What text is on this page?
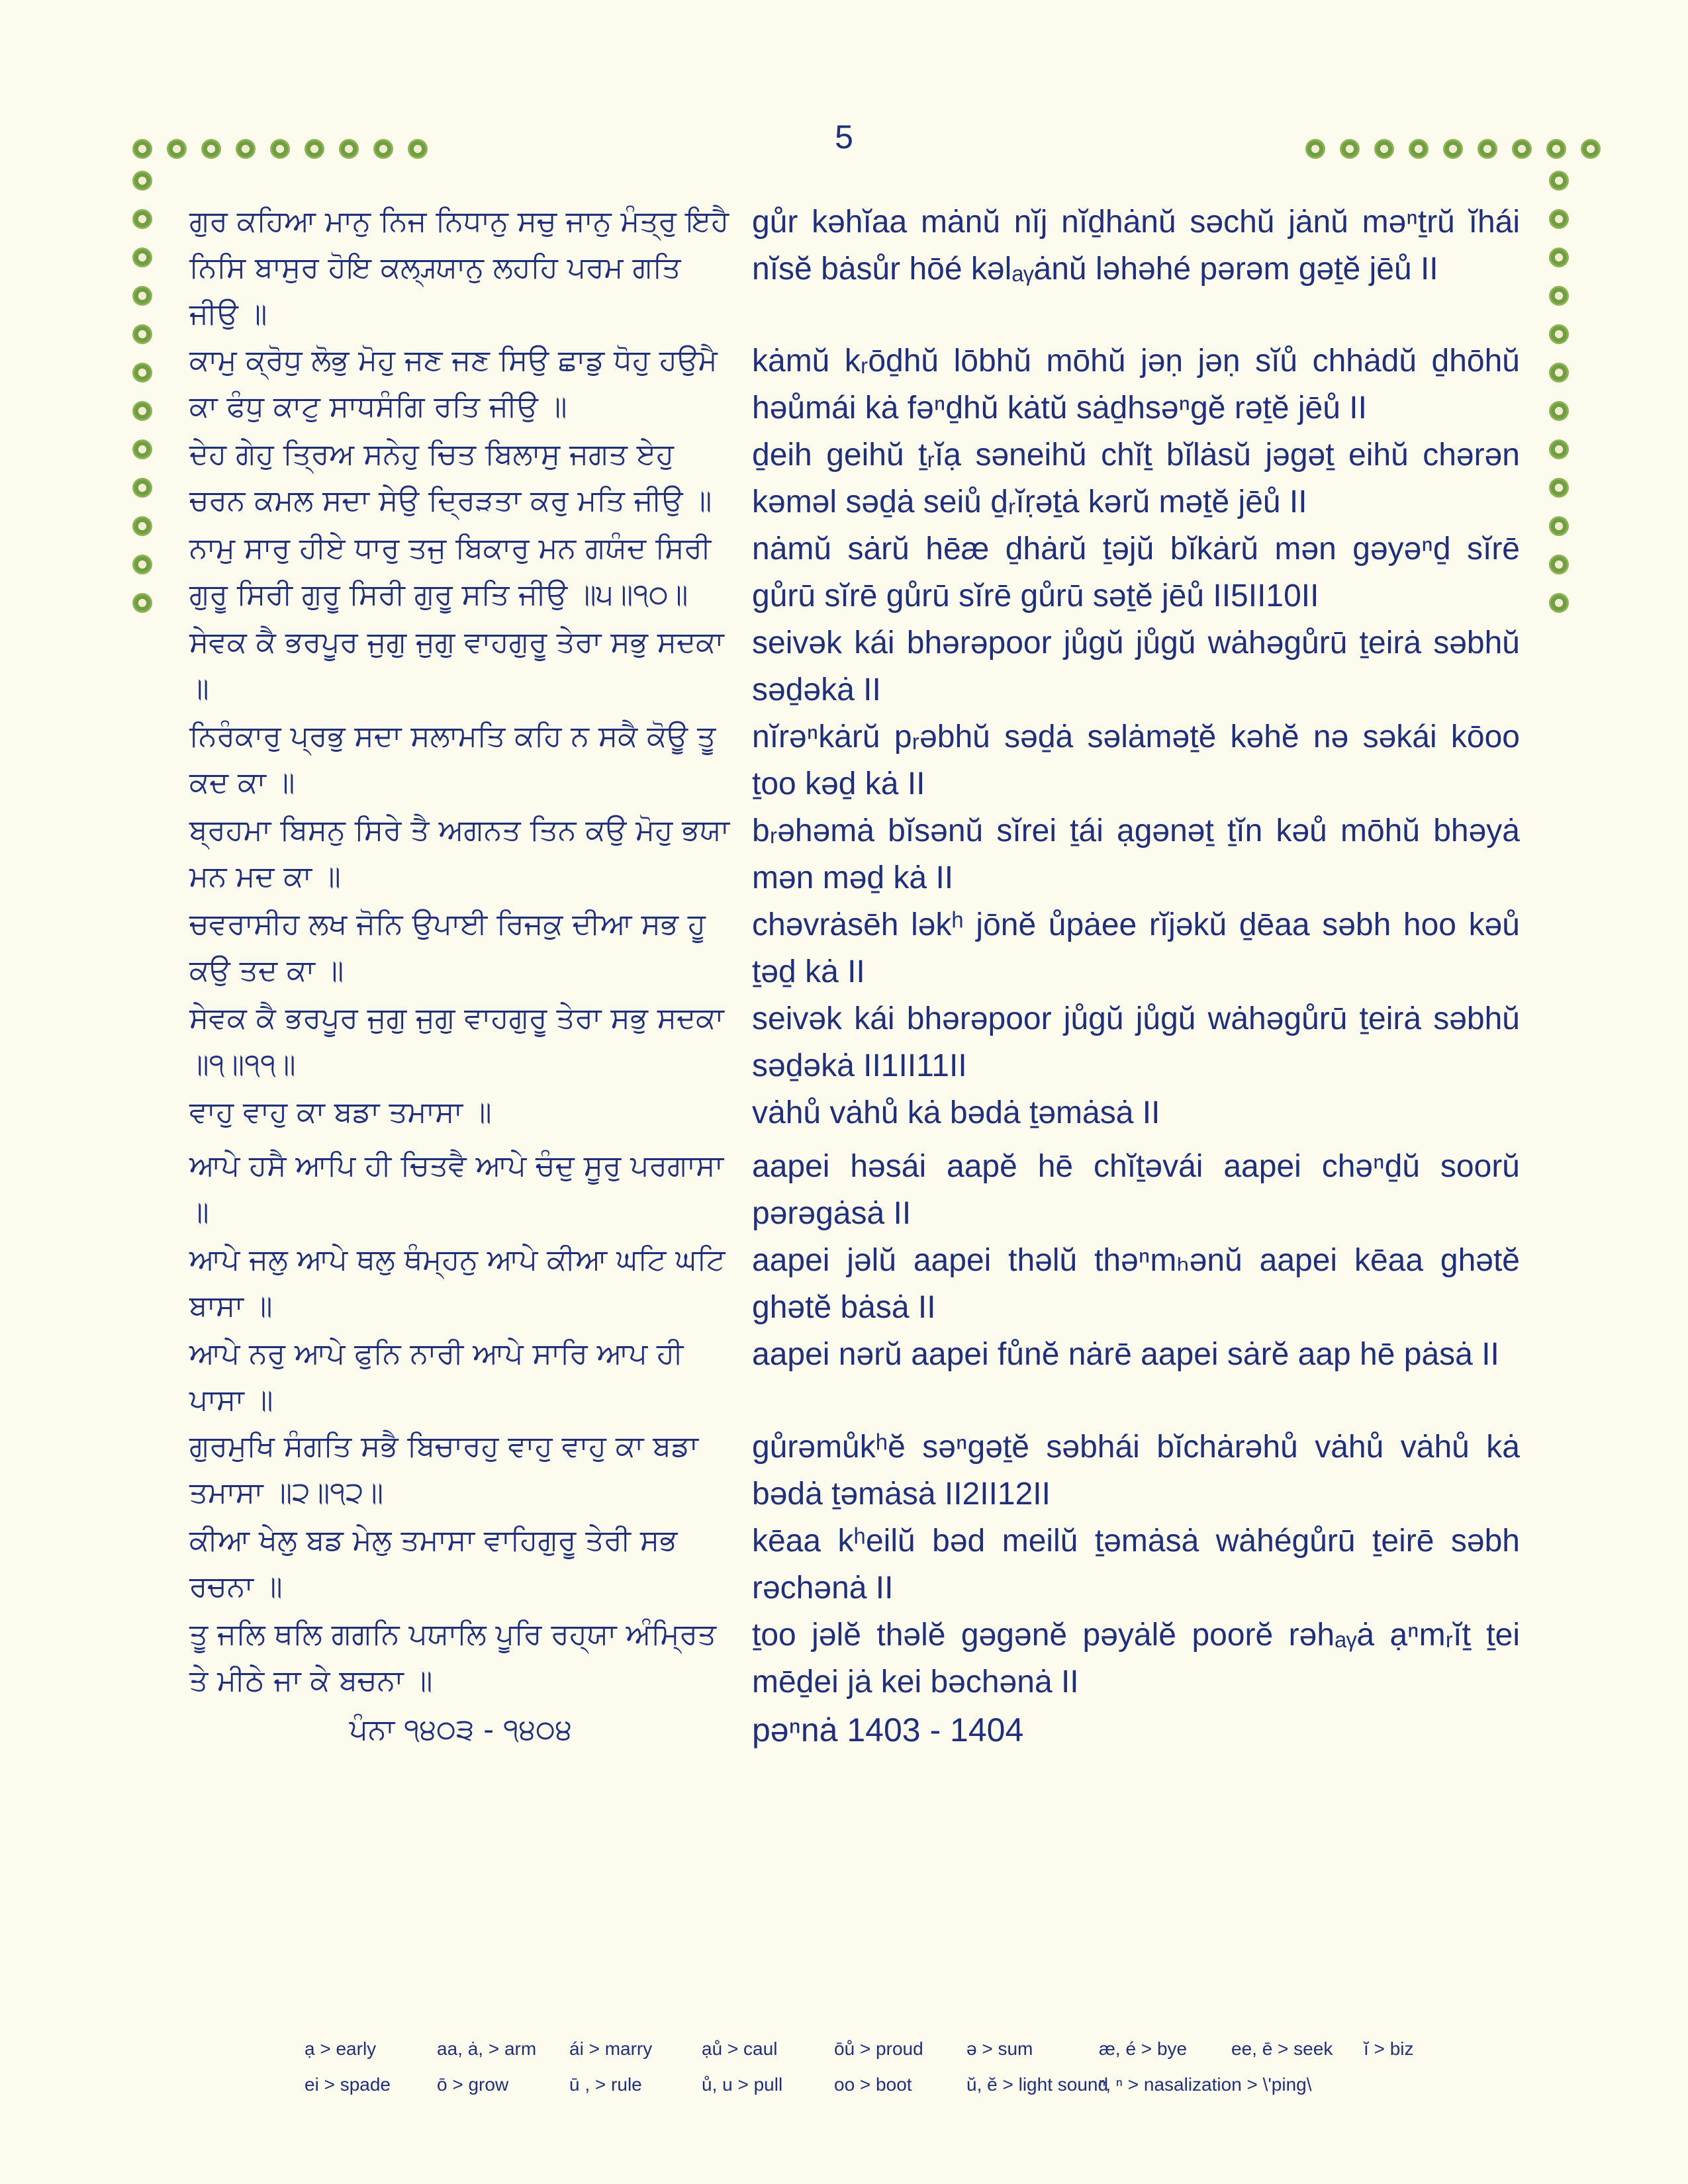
5
ਗੁਰ ਕਹਿਆ ਮਾਨੁ ਨਿਜ ਨਿਧਾਨੁ ਸਚੁ ਜਾਨੁ ਮੰਤ੍ਰੁ ਇਹੈ ਨਿਸਿ ਬਾਸੁਰ ਹੋਇ ਕਲ੍ਯ੍ਯਾਨੁ ਲਹਹਿ ਪਰਮ ਗਤਿ ਜੀਉ ॥
gůr kəhĭaa mȧnŭ nĭj nĭḏhȧnŭ səchŭ jȧnŭ məⁿṯrŭ ĭhái nĭsĕ bȧsůr hōé kəlₐᵧȧnŭ ləhəhé pərəm gəṯĕ jēů II
ਕਾਮੁ ਕ੍ਰੋਧੁ ਲੋਭੁ ਮੋਹੁ ਜਣ ਜਣ ਸਿਉ ਛਾਡੁ ਧੋਹੁ ਹਉਮੈ ਕਾ ਫੰਧੁ ਕਾਟੁ ਸਾਧਸੰਗਿ ਰਤਿ ਜੀਉ ॥
kȧmŭ kᵣōḏhŭ lōbhŭ mōhŭ jəṇ jəṇ sĭů chhȧdŭ ḏhōhŭ həůmái kȧ fəⁿḏhŭ kȧtŭ sȧḏhsəⁿgĕ rəṯĕ jēů II
ਦੇਹ ਗੇਹੁ ਤ੍ਰਿਅ ਸਨੇਹੁ ਚਿਤ ਬਿਲਾਸੁ ਜਗਤ ਏਹੁ ਚਰਨ ਕਮਲ ਸਦਾ ਸੇਉ ਦ੍ਰਿੜਤਾ ਕਰੁ ਮਤਿ ਜੀਉ ॥
ḏeih geihŭ ṯᵣĭạ səneihŭ chĭṯ bĭlȧsŭ jəgəṯ eihŭ chərən kəməl səḏȧ seiů ḏᵣĭṛəṯȧ kərŭ məṯĕ jēů II
ਨਾਮੁ ਸਾਰੁ ਹੀਏ ਧਾਰੁ ਤਜੁ ਬਿਕਾਰੁ ਮਨ ਗਯੰਦ ਸਿਰੀ ਗੁਰੂ ਸਿਰੀ ਗੁਰੂ ਸਿਰੀ ਗੁਰੂ ਸਤਿ ਜੀਉ ॥੫॥੧੦॥
nȧmŭ sȧrŭ hēæ ḏhȧrŭ ṯəjŭ bĭkȧrŭ mən gəyəⁿḏ sĭrē gůrū sĭrē gůrū sĭrē gůrū səṯĕ jēů II5II10II
ਸੇਵਕ ਕੈ ਭਰਪੂਰ ਜੁਗੁ ਜੁਗੁ ਵਾਹਗੁਰੂ ਤੇਰਾ ਸਭੁ ਸਦਕਾ ॥
seivək kái bhərəpoor jůgŭ jůgŭ wȧhəgůrū ṯeirȧ səbhŭ səḏəkȧ II
ਨਿਰੰਕਾਰੁ ਪ੍ਰਭੁ ਸਦਾ ਸਲਾਮਤਿ ਕਹਿ ਨ ਸਕੈ ਕੋਊ ਤੂ ਕਦ ਕਾ ॥
nĭrəⁿkȧrŭ pᵣəbhŭ səḏȧ səlȧməṯĕ kəhĕ nə səkái kōoo ṯoo kəḏ kȧ II
ਬ੍ਰਹਮਾ ਬਿਸਨੁ ਸਿਰੇ ਤੈ ਅਗਨਤ ਤਿਨ ਕਉ ਮੋਹੁ ਭਯਾ ਮਨ ਮਦ ਕਾ ॥
bᵣəhəmȧ bĭsənŭ sĭrei ṯái ạgənəṯ ṯĭn kəů mōhŭ bhəyȧ mən məḏ kȧ II
ਚਵਰਾਸੀਹ ਲਖ ਜੋਨਿ ਉਪਾਈ ਰਿਜਕੁ ਦੀਆ ਸਭ ਹੂ ਕਉ ਤਦ ਕਾ ॥
chəvrȧsēh ləkʰ jōnĕ ůpȧee rĭjəkŭ ḏēaa səbh hoo kəů ṯəḏ kȧ II
ਸੇਵਕ ਕੈ ਭਰਪੂਰ ਜੁਗੁ ਜੁਗੁ ਵਾਹਗੁਰੂ ਤੇਰਾ ਸਭੁ ਸਦਕਾ ॥੧॥੧੧॥
seivək kái bhərəpoor jůgŭ jůgŭ wȧhəgůrū ṯeirȧ səbhŭ səḏəkȧ II1II11II
ਵਾਹੁ ਵਾਹੁ ਕਾ ਬਡਾ ਤਮਾਸਾ ॥	vȧhů vȧhů kȧ bədȧ ṯəmȧsȧ II
ਆਪੇ ਹਸੈ ਆਪਿ ਹੀ ਚਿਤਵੈ ਆਪੇ ਚੰਦੁ ਸੂਰੁ ਪਰਗਾਸਾ ॥
aapei həsái aapĕ hē chĭṯəvái aapei chəⁿḏŭ soorŭ pərəgȧsȧ II
ਆਪੇ ਜਲੁ ਆਪੇ ਥਲੁ ਥੰਮ੍ਹਨੁ ਆਪੇ ਕੀਆ ਘਟਿ ਘਟਿ ਬਾਸਾ ॥
aapei jəlŭ aapei thəlŭ thəⁿmₕənŭ aapei kēaa ghətĕ ghətĕ bȧsȧ II
ਆਪੇ ਨਰੁ ਆਪੇ ਫੁਨਿ ਨਾਰੀ ਆਪੇ ਸਾਰਿ ਆਪ ਹੀ ਪਾਸਾ ॥
aapei nərŭ aapei fůnĕ nȧrē aapei sȧrĕ aap hē pȧsȧ II
ਗੁਰਮੁਖਿ ਸੰਗਤਿ ਸਭੈ ਬਿਚਾਰਹੁ ਵਾਹੁ ਵਾਹੁ ਕਾ ਬਡਾ ਤਮਾਸਾ ॥੨॥੧੨॥
gůrəmůkʰĕ səⁿgəṯĕ səbhái bĭchȧrəhů vȧhů vȧhů kȧ bədȧ ṯəmȧsȧ II2II12II
ਕੀਆ ਖੇਲੁ ਬਡ ਮੇਲੁ ਤਮਾਸਾ ਵਾਹਿਗੁਰੂ ਤੇਰੀ ਸਭ ਰਚਨਾ ॥
kēaa kʰeilŭ bəd meilŭ ṯəmȧsȧ wȧhégůrū ṯeirē səbh rəchənȧ II
ਤੂ ਜਲਿ ਥਲਿ ਗਗਨਿ ਪਯਾਲਿ ਪੂਰਿ ਰਹ੍ਯਾ ਅੰਮ੍ਰਿਤ ਤੇ ਮੀਠੇ ਜਾ ਕੇ ਬਚਨਾ ॥
ṯoo jəlĕ thəlĕ gəgənĕ pəyȧlĕ poorĕ rəhₐᵧȧ ạⁿmᵣĭṯ ṯei mēḏei jȧ kei bəchənȧ II
ਪੰਨਾ ੧੪੦੩ - ੧੪੦੪	pəⁿnȧ 1403 - 1404
ạ > early	aa, ȧ, > arm	ái > marry	ạů > caul	ōů > proud	ə > sum	æ, é > bye	ee, ē > seek	ĭ > biz
ei > spade	ō > grow	ū , > rule	ů, u > pull	oo > boot	ŭ, ĕ > light sound
ⁿ, ⁿ > nasalization > \'ping\
